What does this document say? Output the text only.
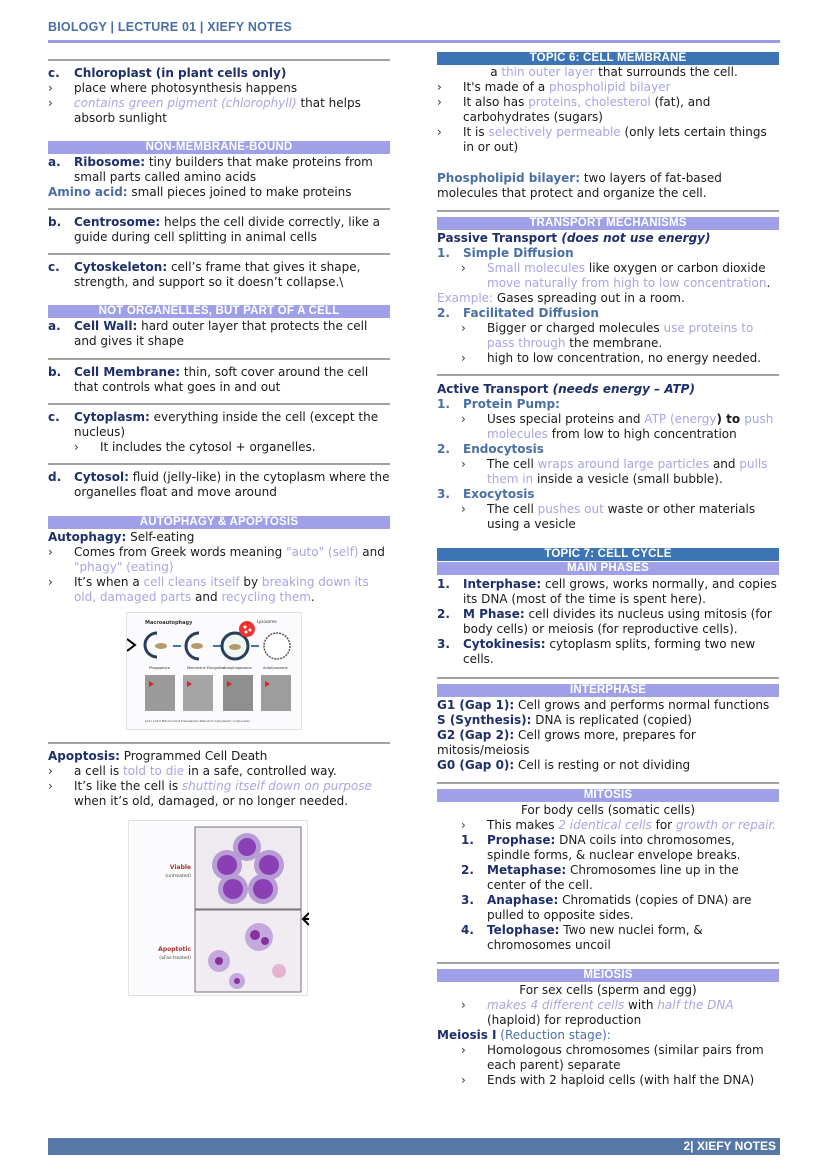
BIOLOGY | LECTURE 01 | XIEFY NOTES
c.	Chloroplast (in plant cells only)
›	place where photosynthesis happens
›	contains green pigment (chlorophyll) that helps absorb sunlight
NON-MEMBRANE-BOUND
a.	Ribosome: tiny builders that make proteins from small parts called amino acids
Amino acid: small pieces joined to make proteins
b.	Centrosome: helps the cell divide correctly, like a guide during cell splitting in animal cells
c.	Cytoskeleton: cell’s frame that gives it shape, strength, and support so it doesn’t collapse.\
NOT ORGANELLES, BUT PART OF A CELL
a.	Cell Wall: hard outer layer that protects the cell and gives it shape
b.	Cell Membrane: thin, soft cover around the cell that controls what goes in and out
c.	Cytoplasm: everything inside the cell (except the nucleus)
›	It includes the cytosol + organelles.
d.	Cytosol: fluid (jelly-like) in the cytoplasm where the organelles float and move around
AUTOPHAGY & APOPTOSIS
Autophagy: Self-eating
›	Comes from Greek words meaning "auto" (self) and "phagy" (eating)
›	It’s when a cell cleans itself by breaking down its old, damaged parts and recycling them.
Macroautophagy	Lysosome
Phagophore	Membrane Elongation
Autophagosome	Autolysosome
LC3-I LC3-II Mitochondria Endoplasmic Reticulum Cytoplasmic components
Apoptosis: Programmed Cell Death
›	a cell is told to die in a safe, controlled way.
›	It’s like the cell is shutting itself down on purpose when it’s old, damaged, or no longer needed.
Viable
(untreated)
Apoptotic
(αFas-treated)
TOPIC 6: CELL MEMBRANE
a thin outer layer that surrounds the cell.
›	It's made of a phospholipid bilayer
›	It also has proteins, cholesterol (fat), and carbohydrates (sugars)
›	It is selectively permeable (only lets certain things in or out)
Phospholipid bilayer: two layers of fat-based molecules that protect and organize the cell.
TRANSPORT MECHANISMS
Passive Transport (does not use energy)
1.	Simple Diffusion
›	Small molecules like oxygen or carbon dioxide move naturally from high to low concentration.
Example: Gases spreading out in a room.
2.	Facilitated Diffusion
›	Bigger or charged molecules use proteins to pass through the membrane.
›	high to low concentration, no energy needed.
Active Transport (needs energy – ATP)
1.	Protein Pump:
›	Uses special proteins and ATP (energy) to push molecules from low to high concentration
2.	Endocytosis
›	The cell wraps around large particles and pulls them in inside a vesicle (small bubble).
3.	Exocytosis
›	The cell pushes out waste or other materials using a vesicle
TOPIC 7: CELL CYCLE
MAIN PHASES
1.	Interphase: cell grows, works normally, and copies its DNA (most of the time is spent here).
2.	M Phase: cell divides its nucleus using mitosis (for body cells) or meiosis (for reproductive cells).
3.	Cytokinesis: cytoplasm splits, forming two new cells.
INTERPHASE
G1 (Gap 1): Cell grows and performs normal functions
S (Synthesis): DNA is replicated (copied)
G2 (Gap 2): Cell grows more, prepares for mitosis/meiosis
G0 (Gap 0): Cell is resting or not dividing
MITOSIS
For body cells (somatic cells)
›	This makes 2 identical cells for growth or repair.
1.	Prophase: DNA coils into chromosomes, spindle forms, & nuclear envelope breaks.
2.	Metaphase: Chromosomes line up in the center of the cell.
3.	Anaphase: Chromatids (copies of DNA) are pulled to opposite sides.
4.	Telophase: Two new nuclei form, & chromosomes uncoil
MEIOSIS
For sex cells (sperm and egg)
›	makes 4 different cells with half the DNA (haploid) for reproduction
Meiosis I (Reduction stage):
›	Homologous chromosomes (similar pairs from each parent) separate
›	Ends with 2 haploid cells (with half the DNA)
2| XIEFY NOTES
